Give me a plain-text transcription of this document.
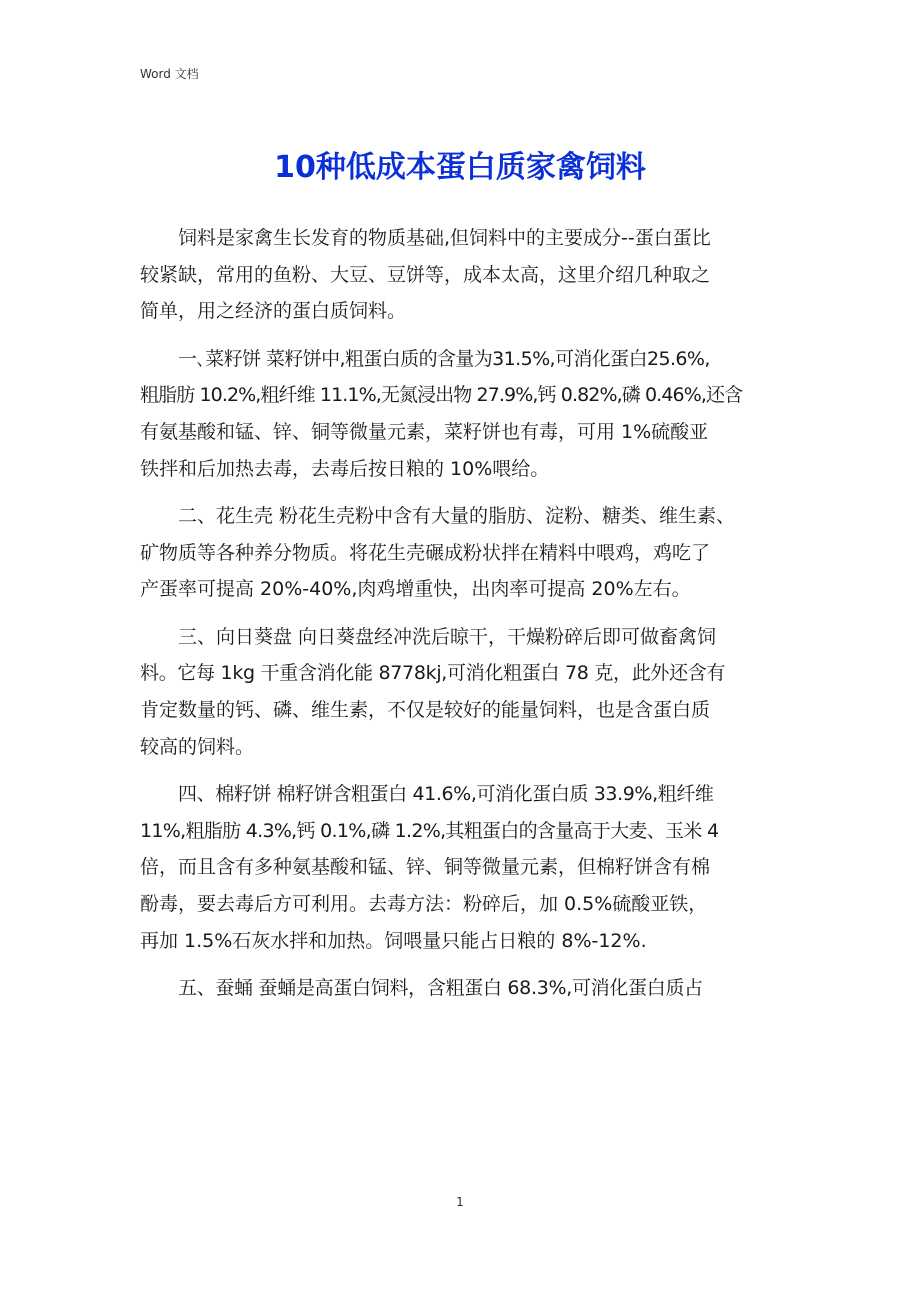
Word 文档
10种低成本蛋白质家禽饲料
饲料是家禽生长发育的物质基础,但饲料中的主要成分--蛋白蛋比
较紧缺，常用的鱼粉、大豆、豆饼等，成本太高，这里介绍几种取之
简单，用之经济的蛋白质饲料。
一､菜籽饼 菜籽饼中,粗蛋白质的含量为31.5%,可消化蛋白25.6%,
粗脂肪 10.2%,粗纤维 11.1%,无氮浸出物 27.9%,钙 0.82%,磷 0.46%,还含
有氨基酸和锰、锌、铜等微量元素，菜籽饼也有毒，可用 1%硫酸亚
铁拌和后加热去毒，去毒后按日粮的 10%喂给。
二、花生壳 粉花生壳粉中含有大量的脂肪、淀粉、糖类、维生素、
矿物质等各种养分物质。将花生壳碾成粉状拌在精料中喂鸡，鸡吃了
产蛋率可提高 20%-40%,肉鸡增重快，出肉率可提高 20%左右。
三、向日葵盘 向日葵盘经冲洗后晾干，干燥粉碎后即可做畜禽饲
料。它每 1kg 干重含消化能 8778kj,可消化粗蛋白 78 克，此外还含有
肯定数量的钙、磷、维生素，不仅是较好的能量饲料，也是含蛋白质
较高的饲料。
四、棉籽饼 棉籽饼含粗蛋白 41.6%,可消化蛋白质 33.9%,粗纤维
11%,粗脂肪 4.3%,钙 0.1%,磷 1.2%,其粗蛋白的含量高于大麦、玉米 4
倍，而且含有多种氨基酸和锰、锌、铜等微量元素，但棉籽饼含有棉
酚毒，要去毒后方可利用。去毒方法：粉碎后，加 0.5%硫酸亚铁，
再加 1.5%石灰水拌和加热。饲喂量只能占日粮的 8%-12%.
五、蚕蛹 蚕蛹是高蛋白饲料，含粗蛋白 68.3%,可消化蛋白质占
1
